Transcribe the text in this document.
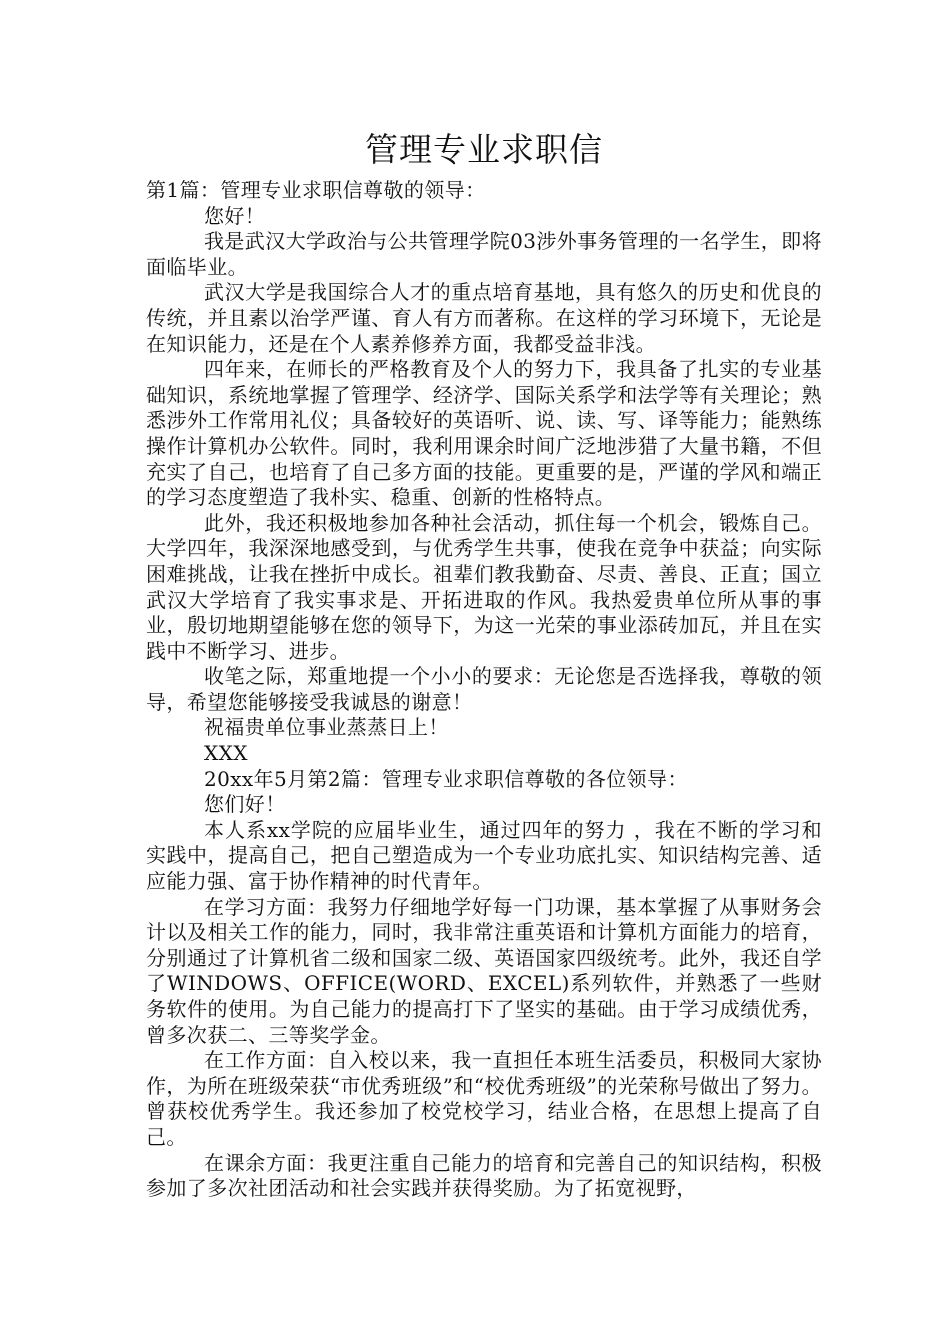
管理专业求职信

第1篇：管理专业求职信尊敬的领导：

您好！

我是武汉大学政治与公共管理学院03涉外事务管理的一名学生，即将面临毕业。

武汉大学是我国综合人才的重点培育基地，具有悠久的历史和优良的传统，并且素以治学严谨、育人有方而著称。在这样的学习环境下，无论是在知识能力，还是在个人素养修养方面，我都受益非浅。

四年来，在师长的严格教育及个人的努力下，我具备了扎实的专业基础知识，系统地掌握了管理学、经济学、国际关系学和法学等有关理论；熟悉涉外工作常用礼仪；具备较好的英语听、说、读、写、译等能力；能熟练操作计算机办公软件。同时，我利用课余时间广泛地涉猎了大量书籍，不但充实了自己，也培育了自己多方面的技能。更重要的是，严谨的学风和端正的学习态度塑造了我朴实、稳重、创新的性格特点。

此外，我还积极地参加各种社会活动，抓住每一个机会，锻炼自己。大学四年，我深深地感受到，与优秀学生共事，使我在竞争中获益；向实际困难挑战，让我在挫折中成长。祖辈们教我勤奋、尽责、善良、正直；国立武汉大学培育了我实事求是、开拓进取的作风。我热爱贵单位所从事的事业，殷切地期望能够在您的领导下，为这一光荣的事业添砖加瓦，并且在实践中不断学习、进步。

收笔之际，郑重地提一个小小的要求：无论您是否选择我，尊敬的领导，希望您能够接受我诚恳的谢意！

祝福贵单位事业蒸蒸日上！

XXX

20xx年5月第2篇：管理专业求职信尊敬的各位领导：

您们好！

本人系xx学院的应届毕业生，通过四年的努力 ，我在不断的学习和实践中，提高自己，把自己塑造成为一个专业功底扎实、知识结构完善、适应能力强、富于协作精神的时代青年。

在学习方面：我努力仔细地学好每一门功课，基本掌握了从事财务会计以及相关工作的能力，同时，我非常注重英语和计算机方面能力的培育，分别通过了计算机省二级和国家二级、英语国家四级统考。此外，我还自学了WINDOWS、OFFICE(WORD、EXCEL)系列软件，并熟悉了一些财务软件的使用。为自己能力的提高打下了坚实的基础。由于学习成绩优秀，曾多次获二、三等奖学金。

在工作方面：自入校以来，我一直担任本班生活委员，积极同大家协作，为所在班级荣获“市优秀班级”和“校优秀班级”的光荣称号做出了努力。曾获校优秀学生。我还参加了校党校学习，结业合格，在思想上提高了自己。

在课余方面：我更注重自己能力的培育和完善自己的知识结构，积极参加了多次社团活动和社会实践并获得奖励。为了拓宽视野，
